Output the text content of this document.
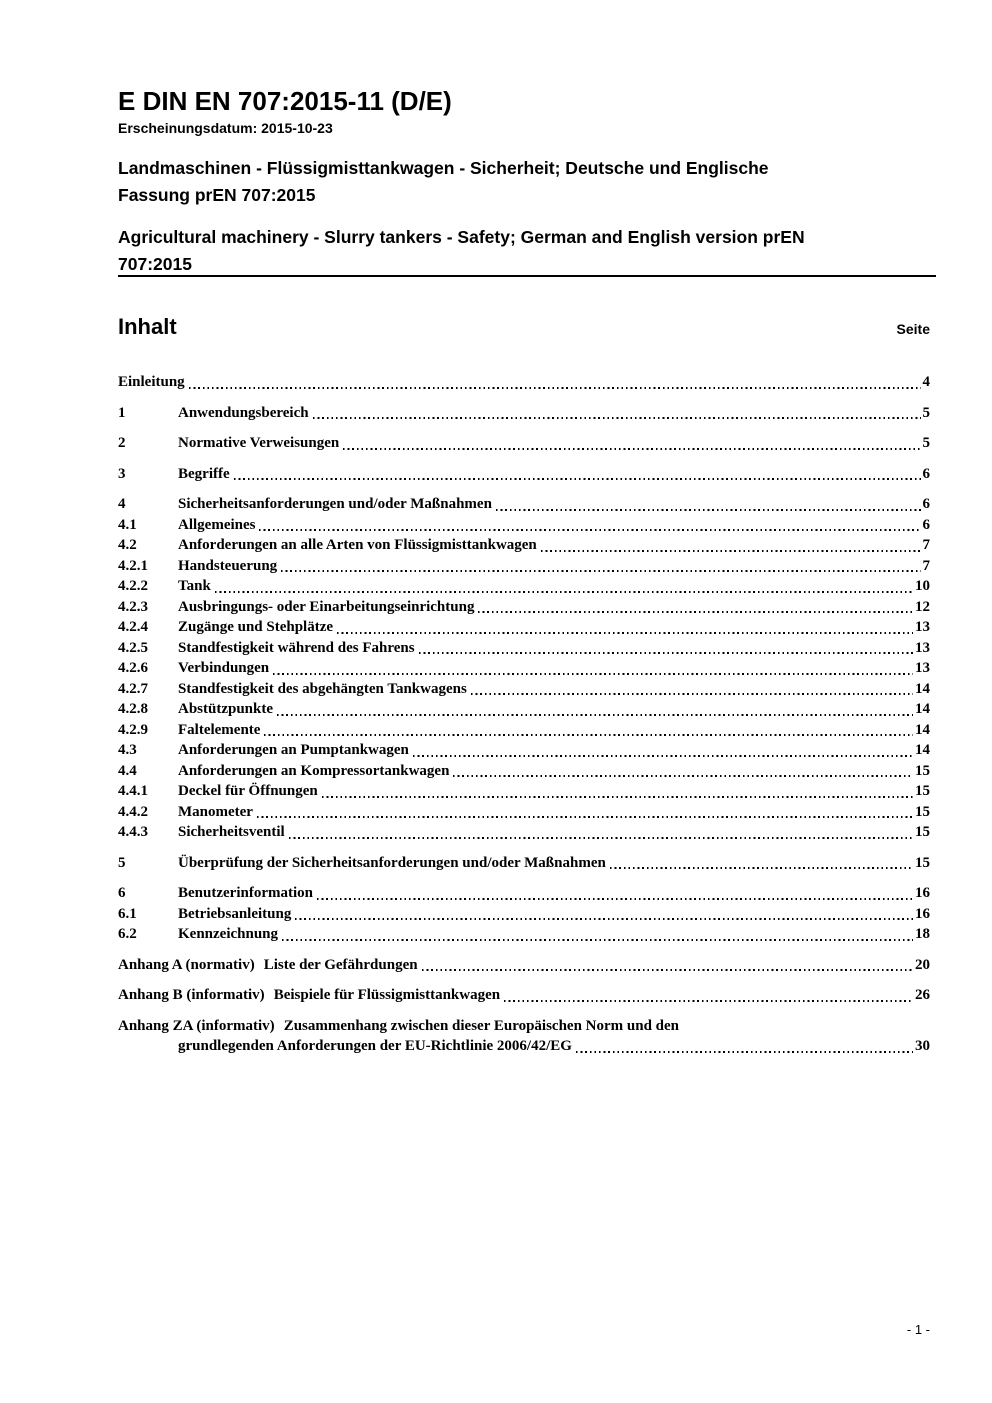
E DIN EN 707:2015-11 (D/E)
Erscheinungsdatum: 2015-10-23
Landmaschinen - Flüssigmisttankwagen - Sicherheit; Deutsche und Englische
Fassung prEN 707:2015
Agricultural machinery - Slurry tankers - Safety; German and English version prEN
707:2015
Inhalt	Seite
Einleitung	4
1	Anwendungsbereich	5
2	Normative Verweisungen	5
3	Begriffe	6
4	Sicherheitsanforderungen und/oder Maßnahmen	6
4.1	Allgemeines	6
4.2	Anforderungen an alle Arten von Flüssigmisttankwagen	7
4.2.1	Handsteuerung	7
4.2.2	Tank	10
4.2.3	Ausbringungs- oder Einarbeitungseinrichtung	12
4.2.4	Zugänge und Stehplätze	13
4.2.5	Standfestigkeit während des Fahrens	13
4.2.6	Verbindungen	13
4.2.7	Standfestigkeit des abgehängten Tankwagens	14
4.2.8	Abstützpunkte	14
4.2.9	Faltelemente	14
4.3	Anforderungen an Pumptankwagen	14
4.4	Anforderungen an Kompressortankwagen	15
4.4.1	Deckel für Öffnungen	15
4.4.2	Manometer	15
4.4.3	Sicherheitsventil	15
5	Überprüfung der Sicherheitsanforderungen und/oder Maßnahmen	15
6	Benutzerinformation	16
6.1	Betriebsanleitung	16
6.2	Kennzeichnung	18
Anhang A (normativ) Liste der Gefährdungen	20
Anhang B (informativ) Beispiele für Flüssigmisttankwagen	26
Anhang ZA (informativ) Zusammenhang zwischen dieser Europäischen Norm und den
grundlegenden Anforderungen der EU-Richtlinie 2006/42/EG	30
- 1 -
